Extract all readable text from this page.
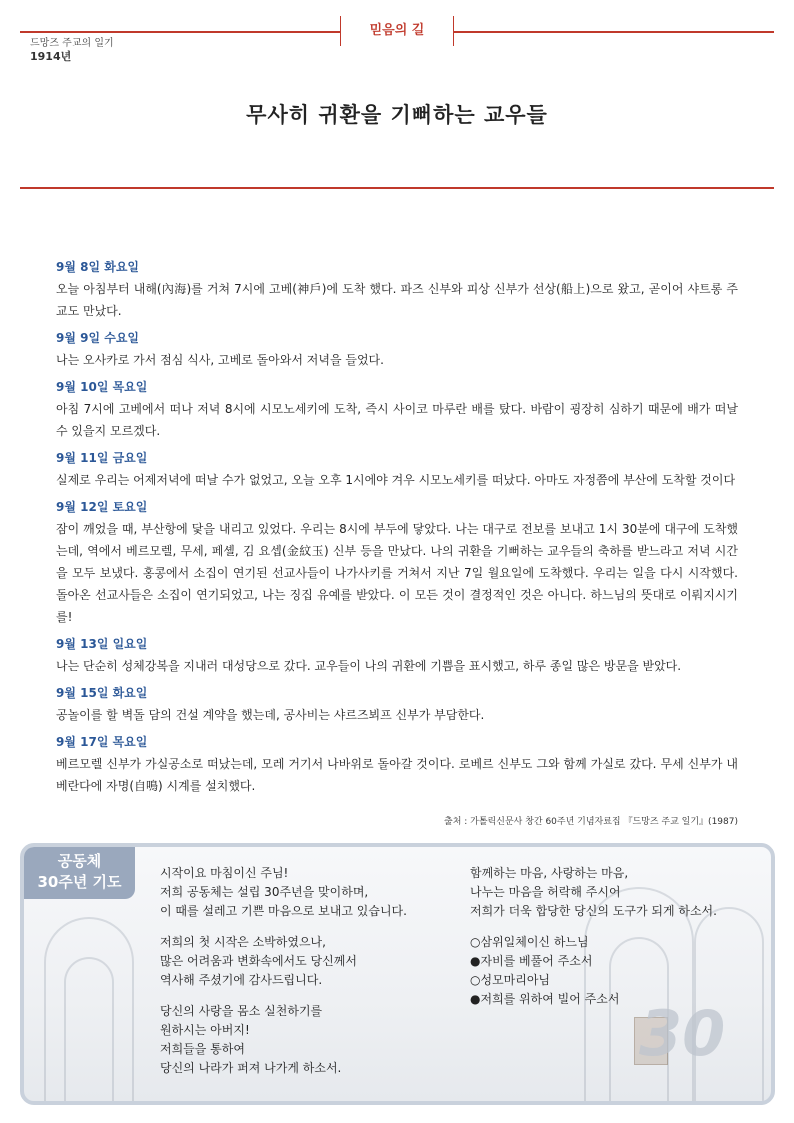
믿음의 길
드망즈 주교의 일기
1914년
무사히 귀환을 기뻐하는 교우들
9월 8일 화요일
오늘 아침부터 내해(內海)를 거쳐 7시에 고베(神戶)에 도착 했다. 파즈 신부와 피상 신부가 선상(船上)으로 왔고, 곧이어 샤트롱 주교도 만났다.
9월 9일 수요일
나는 오사카로 가서 점심 식사, 고베로 돌아와서 저녁을 들었다.
9월 10일 목요일
아침 7시에 고베에서 떠나 저녁 8시에 시모노세키에 도착, 즉시 사이코 마루란 배를 탔다. 바람이 굉장히 심하기 때문에 배가 떠날 수 있을지 모르겠다.
9월 11일 금요일
실제로 우리는 어제저녁에 떠날 수가 없었고, 오늘 오후 1시에야 겨우 시모노세키를 떠났다. 아마도 자정쯤에 부산에 도착할 것이다
9월 12일 토요일
잠이 깨었을 때, 부산항에 닻을 내리고 있었다. 우리는 8시에 부두에 닿았다. 나는 대구로 전보를 보내고 1시 30분에 대구에 도착했는데, 역에서 베르모렐, 무세, 페셸, 김 요셉(金紋玉) 신부 등을 만났다. 나의 귀환을 기뻐하는 교우들의 축하를 받느라고 저녁 시간을 모두 보냈다. 홍콩에서 소집이 연기된 선교사들이 나가사키를 거쳐서 지난 7일 월요일에 도착했다. 우리는 일을 다시 시작했다. 돌아온 선교사들은 소집이 연기되었고, 나는 징집 유예를 받았다. 이 모든 것이 결정적인 것은 아니다. 하느님의 뜻대로 이뤄지시기를!
9월 13일 일요일
나는 단순히 성체강복을 지내러 대성당으로 갔다. 교우들이 나의 귀환에 기쁨을 표시했고, 하루 종일 많은 방문을 받았다.
9월 15일 화요일
공놀이를 할 벽돌 담의 건설 계약을 했는데, 공사비는 샤르즈뵈프 신부가 부담한다.
9월 17일 목요일
베르모렐 신부가 가실공소로 떠났는데, 모레 거기서 나바위로 돌아갈 것이다. 로베르 신부도 그와 함께 가실로 갔다. 무세 신부가 내 베란다에 자명(自鳴) 시계를 설치했다.
출처 : 가톨릭신문사 창간 60주년 기념자료집 『드망즈 주교 일기』(1987)
30
공동체
30주년 기도	시작이요 마침이신 주님!
저희 공동체는 설립 30주년을 맞이하며,
이 때를 설레고 기쁜 마음으로 보내고 있습니다.
저희의 첫 시작은 소박하였으나,
많은 어려움과 변화속에서도 당신께서
역사해 주셨기에 감사드립니다.
당신의 사랑을 몸소 실천하기를
원하시는 아버지!
저희들을 통하여
당신의 나라가 퍼져 나가게 하소서.
함께하는 마음, 사랑하는 마음,
나누는 마음을 허락해 주시어
저희가 더욱 합당한 당신의 도구가 되게 하소서.
○삼위일체이신 하느님
●자비를 베풀어 주소서
○성모마리아님
●저희를 위하여 빌어 주소서
